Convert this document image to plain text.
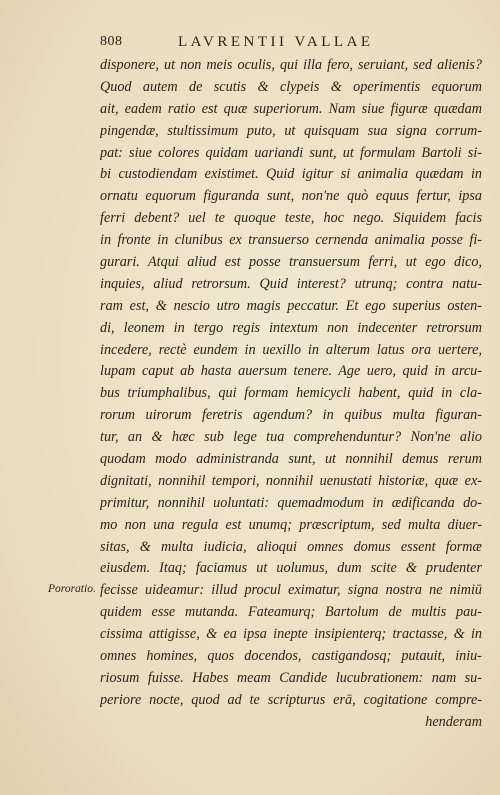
808	LAVRENTII VALLAE
Pororatio.
disponere, ut non meis oculis, qui illa fero, seruiant, sed alienis?
Quod autem de scutis & clypeis & operimentis equorum
ait, eadem ratio est quæ superiorum. Nam siue figuræ quædam
pingendæ, stultissimum puto, ut quisquam sua signa corrum-
pat: siue colores quidam uariandi sunt, ut formulam Bartoli si-
bi custodiendam existimet. Quid igitur si animalia quædam in
ornatu equorum figuranda sunt, non'ne quò equus fertur, ipsa
ferri debent? uel te quoque teste, hoc nego. Siquidem facis
in fronte in clunibus ex transuerso cernenda animalia posse fi-
gurari. Atqui aliud est posse transuersum ferri, ut ego dico,
inquies, aliud retrorsum. Quid interest? utrunq; contra natu-
ram est, & nescio utro magis peccatur. Et ego superius osten-
di, leonem in tergo regis intextum non indecenter retrorsum
incedere, rectè eundem in uexillo in alterum latus ora uertere,
lupam caput ab hasta auersum tenere. Age uero, quid in arcu-
bus triumphalibus, qui formam hemicycli habent, quid in cla-
rorum uirorum feretris agendum? in quibus multa figuran-
tur, an & hæc sub lege tua comprehenduntur? Non'ne alio
quodam modo administranda sunt, ut nonnihil demus rerum
dignitati, nonnihil tempori, nonnihil uenustati historiæ, quæ ex-
primitur, nonnihil uoluntati: quemadmodum in ædificanda do-
mo non una regula est unumq; præscriptum, sed multa diuer-
sitas, & multa iudicia, alioqui omnes domus essent formæ
eiusdem. Itaq; faciamus ut uolumus, dum scite & prudenter
fecisse uideamur: illud procul eximatur, signa nostra ne nimiū
quidem esse mutanda. Fateamurq; Bartolum de multis pau-
cissima attigisse, & ea ipsa inepte insipienterq; tractasse, & in
omnes homines, quos docendos, castigandosq; putauit, iniu-
riosum fuisse. Habes meam Candide lucubrationem: nam su-
periore nocte, quod ad te scripturus erā, cogitatione compre-
henderam
